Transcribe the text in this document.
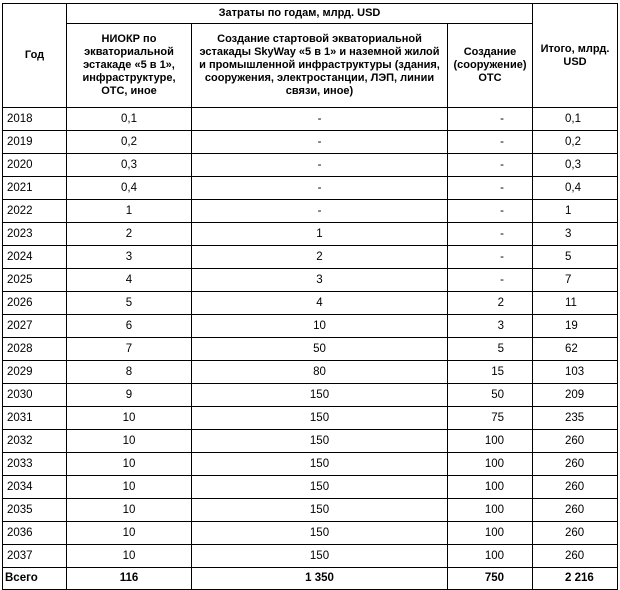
Год	Затраты по годам, млрд. USD			Итого, млрд. USD
	НИОКР по экваториальной эстакаде «5 в 1», инфраструктуре, ОТС, иное	Создание стартовой экваториальной эстакады SkyWay «5 в 1» и наземной жилой и промышленной инфраструктуры (здания, сооружения, электростанции, ЛЭП, линии связи, иное)	Создание (сооружение) ОТС	
2018	0,1	-	-	0,1
2019	0,2	-	-	0,2
2020	0,3	-	-	0,3
2021	0,4	-	-	0,4
2022	1	-	-	1
2023	2	1	-	3
2024	3	2	-	5
2025	4	3	-	7
2026	5	4	2	11
2027	6	10	3	19
2028	7	50	5	62
2029	8	80	15	103
2030	9	150	50	209
2031	10	150	75	235
2032	10	150	100	260
2033	10	150	100	260
2034	10	150	100	260
2035	10	150	100	260
2036	10	150	100	260
2037	10	150	100	260
Всего	116	1 350	750	2 216
